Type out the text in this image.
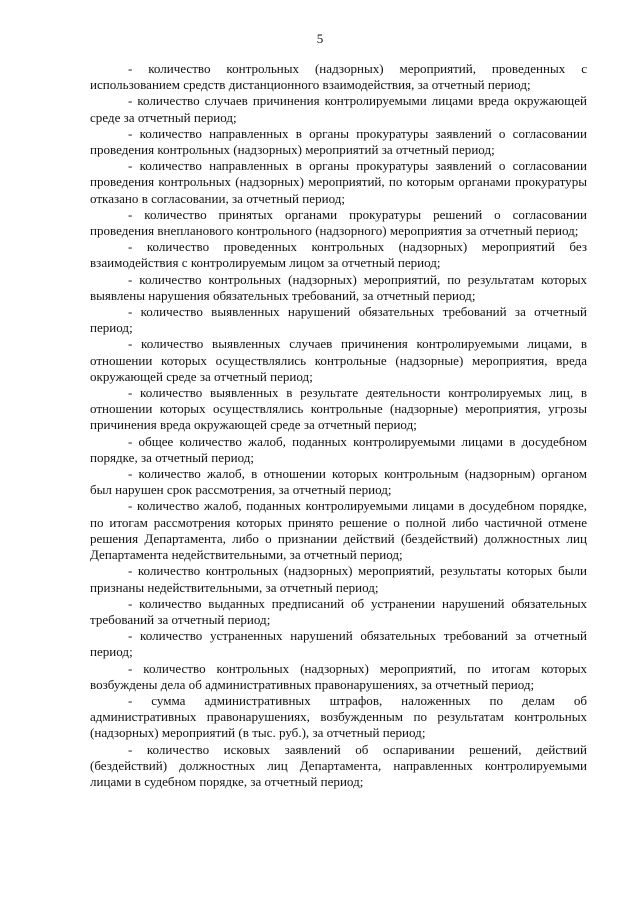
5

- количество контрольных (надзорных) мероприятий, проведенных с использованием средств дистанционного взаимодействия, за отчетный период;

- количество случаев причинения контролируемыми лицами вреда окружающей среде за отчетный период;

- количество направленных в органы прокуратуры заявлений о согласовании проведения контрольных (надзорных) мероприятий за отчетный период;

- количество направленных в органы прокуратуры заявлений о согласовании проведения контрольных (надзорных) мероприятий, по которым органами прокуратуры отказано в согласовании, за отчетный период;

- количество принятых органами прокуратуры решений о согласовании проведения внепланового контрольного (надзорного) мероприятия за отчетный период;

- количество проведенных контрольных (надзорных) мероприятий без взаимодействия с контролируемым лицом за отчетный период;

- количество контрольных (надзорных) мероприятий, по результатам которых выявлены нарушения обязательных требований, за отчетный период;

- количество выявленных нарушений обязательных требований за отчетный период;

- количество выявленных случаев причинения контролируемыми лицами, в отношении которых осуществлялись контрольные (надзорные) мероприятия, вреда окружающей среде за отчетный период;

- количество выявленных в результате деятельности контролируемых лиц, в отношении которых осуществлялись контрольные (надзорные) мероприятия, угрозы причинения вреда окружающей среде за отчетный период;

- общее количество жалоб, поданных контролируемыми лицами в досудебном порядке, за отчетный период;

- количество жалоб, в отношении которых контрольным (надзорным) органом был нарушен срок рассмотрения, за отчетный период;

- количество жалоб, поданных контролируемыми лицами в досудебном порядке, по итогам рассмотрения которых принято решение о полной либо частичной отмене решения Департамента, либо о признании действий (бездействий) должностных лиц Департамента недействительными, за отчетный период;

- количество контрольных (надзорных) мероприятий, результаты которых были признаны недействительными, за отчетный период;

- количество выданных предписаний об устранении нарушений обязательных требований за отчетный период;

- количество устраненных нарушений обязательных требований за отчетный период;

- количество контрольных (надзорных) мероприятий, по итогам которых возбуждены дела об административных правонарушениях, за отчетный период;

- сумма административных штрафов, наложенных по делам об административных правонарушениях, возбужденным по результатам контрольных (надзорных) мероприятий (в тыс. руб.), за отчетный период;

- количество исковых заявлений об оспаривании решений, действий (бездействий) должностных лиц Департамента, направленных контролируемыми лицами в судебном порядке, за отчетный период;
